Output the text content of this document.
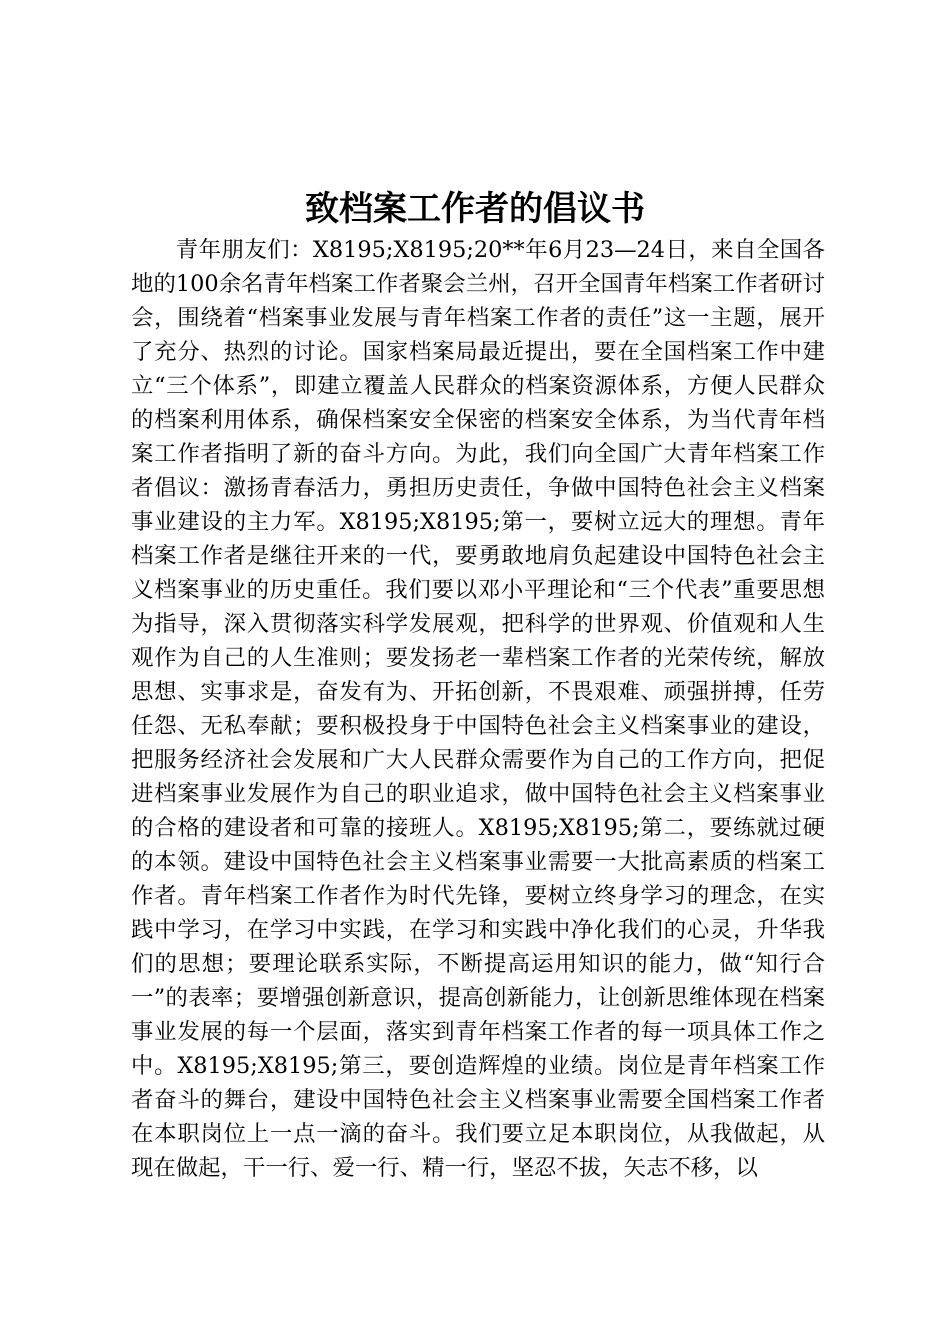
致档案工作者的倡议书

青年朋友们：X8195;X8195;20**年6月23—24日，来自全国各地的100余名青年档案工作者聚会兰州，召开全国青年档案工作者研讨会，围绕着“档案事业发展与青年档案工作者的责任”这一主题，展开了充分、热烈的讨论。国家档案局最近提出，要在全国档案工作中建立“三个体系”，即建立覆盖人民群众的档案资源体系，方便人民群众的档案利用体系，确保档案安全保密的档案安全体系，为当代青年档案工作者指明了新的奋斗方向。为此，我们向全国广大青年档案工作者倡议：激扬青春活力，勇担历史责任，争做中国特色社会主义档案事业建设的主力军。X8195;X8195;第一，要树立远大的理想。青年档案工作者是继往开来的一代，要勇敢地肩负起建设中国特色社会主义档案事业的历史重任。我们要以邓小平理论和“三个代表”重要思想为指导，深入贯彻落实科学发展观，把科学的世界观、价值观和人生观作为自己的人生准则；要发扬老一辈档案工作者的光荣传统，解放思想、实事求是，奋发有为、开拓创新，不畏艰难、顽强拼搏，任劳任怨、无私奉献；要积极投身于中国特色社会主义档案事业的建设，把服务经济社会发展和广大人民群众需要作为自己的工作方向，把促进档案事业发展作为自己的职业追求，做中国特色社会主义档案事业的合格的建设者和可靠的接班人。X8195;X8195;第二，要练就过硬的本领。建设中国特色社会主义档案事业需要一大批高素质的档案工作者。青年档案工作者作为时代先锋，要树立终身学习的理念，在实践中学习，在学习中实践，在学习和实践中净化我们的心灵，升华我们的思想；要理论联系实际，不断提高运用知识的能力，做“知行合一”的表率；要增强创新意识，提高创新能力，让创新思维体现在档案事业发展的每一个层面，落实到青年档案工作者的每一项具体工作之中。X8195;X8195;第三，要创造辉煌的业绩。岗位是青年档案工作者奋斗的舞台，建设中国特色社会主义档案事业需要全国档案工作者在本职岗位上一点一滴的奋斗。我们要立足本职岗位，从我做起，从现在做起，干一行、爱一行、精一行，坚忍不拔，矢志不移，以
